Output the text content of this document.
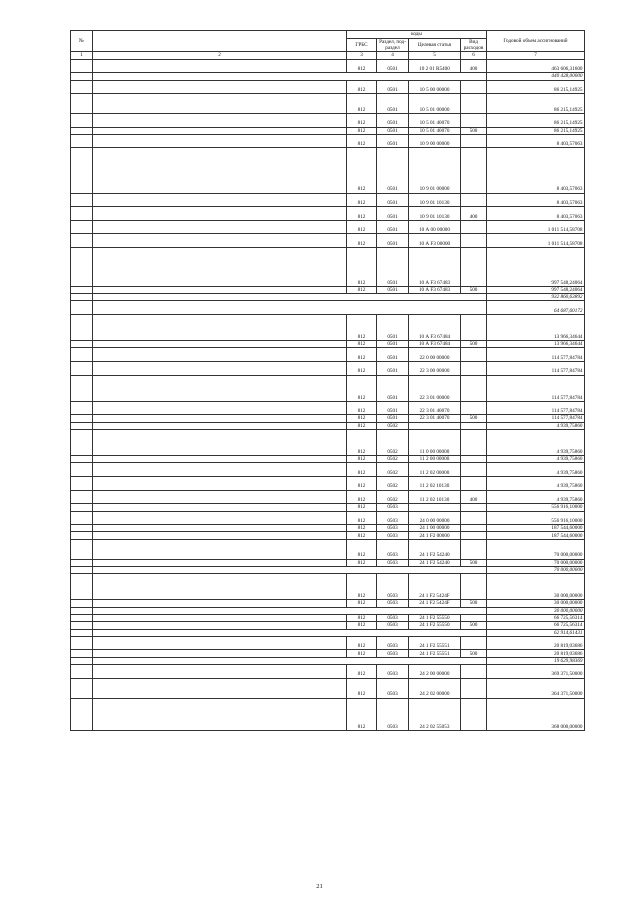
№		коды				Годовой объем ассигнований
		ГРБС	Раздел, под-раздел	Целевая статья	Вид расходов	
1	2	3	4	5	6	7
		812	0501	10 2 01 R5400	400	463 606,31600
						440 428,00000
		812	0501	10 5 00 00000		86 215,14925
		812	0501	10 5 01 00000		86 215,14925
		812	0501	10 5 01 40070		86 215,14925
		812	0501	10 5 01 40070	500	86 215,14925
		812	0501	10 9 00 00000		8 403,57063
		812	0501	10 9 01 00000		8 403,57063
		812	0501	10 9 01 10130		8 403,57063
		812	0501	10 9 01 10130	400	8 403,57063
		812	0501	10 А 00 00000		1 011 514,58708
		812	0501	10 А F3 00000		1 011 514,58708
		812	0501	10 А F3 67483		997 548,24064
		812	0501	10 А F3 67483	500	997 548,24064
						932 860,63892
						64 687,60172
		812	0501	10 А F3 67484		13 966,34644
		812	0501	10 А F3 67484	500	13 966,34644
		812	0501	22 0 00 00000		114 577,84784
		812	0501	22 3 00 00000		114 577,84784
		812	0501	22 3 01 00000		114 577,84784
		812	0501	22 3 01 40070		114 577,84784
		812	0501	22 3 01 40070	500	114 577,84784
		812	0502			4 939,75860
		812	0502	11 0 00 00000		4 939,75860
		812	0502	11 2 00 00000		4 939,75860
		812	0502	11 2 02 00000		4 939,75860
		812	0502	11 2 02 10130		4 939,75860
		812	0502	11 2 02 10130	400	4 939,75860
		812	0503			556 916,10000
		812	0503	24 0 00 00000		556 916,10000
		812	0503	24 1 00 00000		187 544,60000
		812	0503	24 1 F2 00000		187 544,60000
		812	0503	24 1 F2 54240		70 000,00000
		812	0503	24 1 F2 54240	500	70 000,00000
						70 000,00000
		812	0503	24 1 F2 5424F		30 000,00000
		812	0503	24 1 F2 5424F	500	30 000,00000
						30 000,00000
		812	0503	24 1 F2 55550		66 725,56314
		812	0503	24 1 F2 55550	500	66 725,56314
						62 914,61431
		812	0503	24 1 F2 55551		20 819,03686
		812	0503	24 1 F2 55551	500	20 819,03686
						19 629,98369
		812	0503	24 2 00 00000		369 371,50000
		812	0503	24 2 02 00000		364 371,50000
		812	0503	24 2 02 55053		368 000,00000
21
